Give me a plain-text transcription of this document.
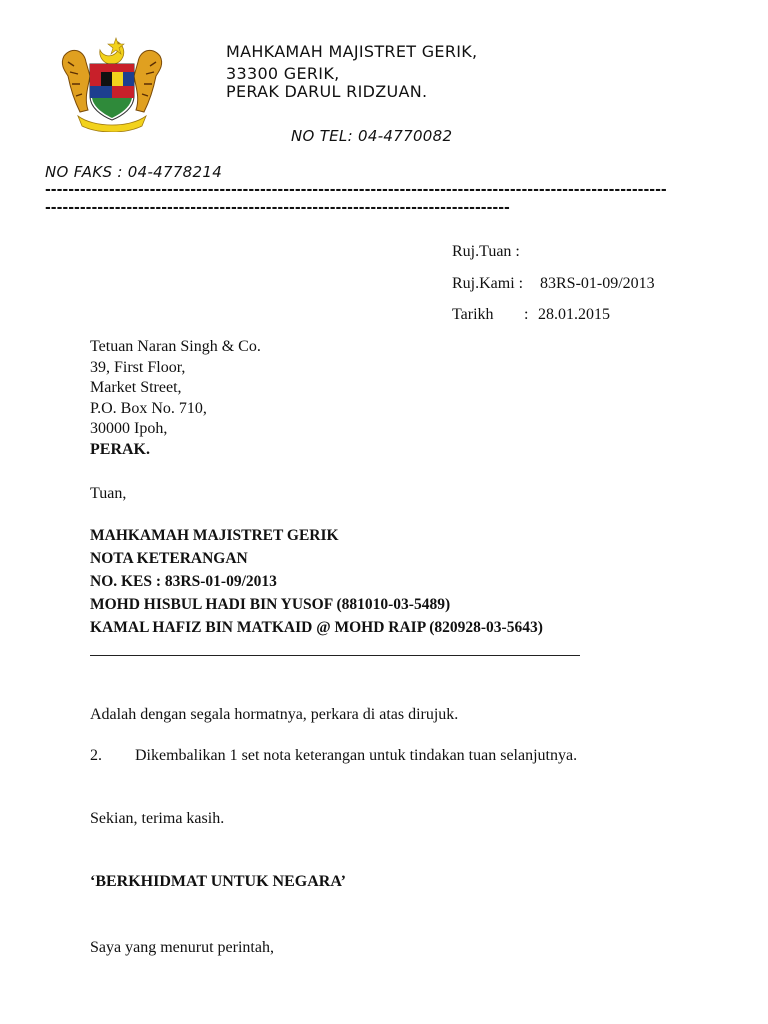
MAHKAMAH MAJISTRET GERIK,
33300 GERIK,
PERAK DARUL RIDZUAN.
NO TEL: 04-4770082
NO FAKS : 04-4778214
-----------------------------------------------------------------------------------------------------------
--------------------------------------------------------------------------------
Ruj.Tuan :
Ruj.Kami : 83RS-01-09/2013
Tarikh : 28.01.2015
Tetuan Naran Singh & Co.
39, First Floor,
Market Street,
P.O. Box No. 710,
30000 Ipoh,
PERAK.
Tuan,
MAHKAMAH MAJISTRET GERIK
NOTA KETERANGAN
NO. KES : 83RS-01-09/2013
MOHD HISBUL HADI BIN YUSOF (881010-03-5489)
KAMAL HAFIZ BIN MATKAID @ MOHD RAIP (820928-03-5643)
Adalah dengan segala hormatnya, perkara di atas dirujuk.
2. Dikembalikan 1 set nota keterangan untuk tindakan tuan selanjutnya.
Sekian, terima kasih.
‘BERKHIDMAT UNTUK NEGARA’
Saya yang menurut perintah,
